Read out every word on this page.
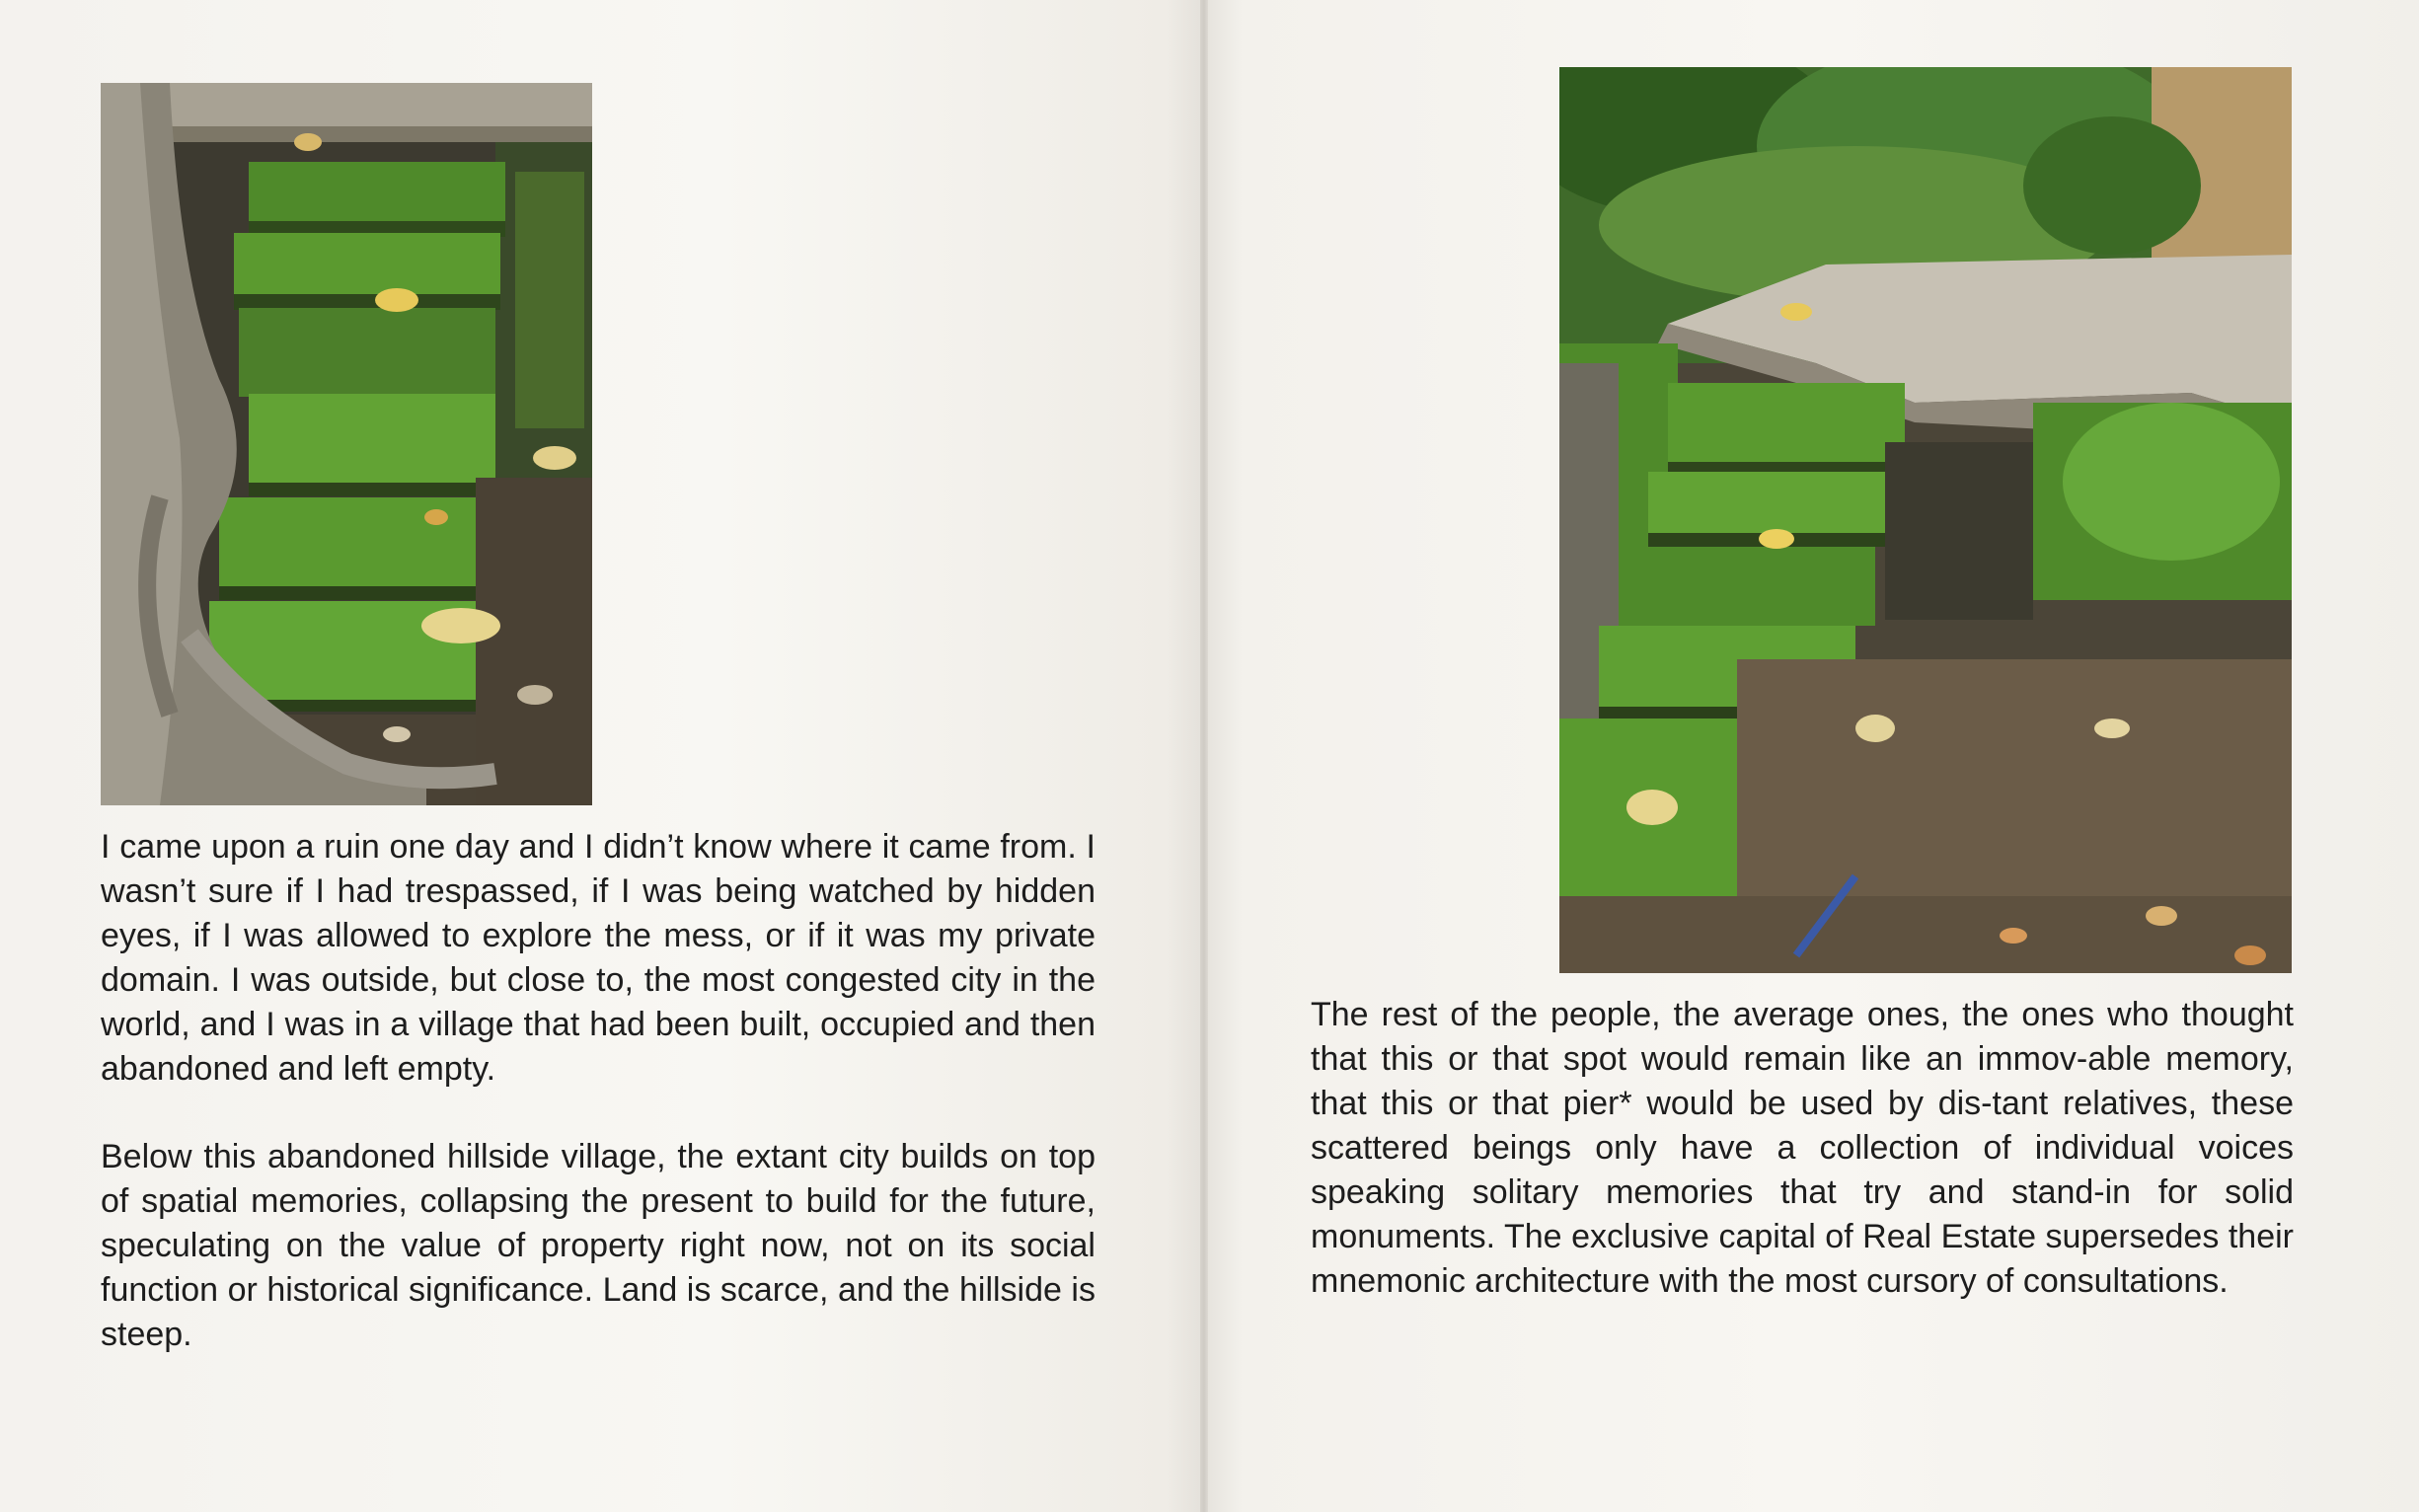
I came upon a ruin one day and I didn’t know where it came from. I wasn’t sure if I had trespassed, if I was being watched by hidden eyes, if I was allowed to explore the mess, or if it was my private domain. I was outside, but close to, the most congested city in the world, and I was in a village that had been built, occupied and then abandoned and left empty.

Below this abandoned hillside village, the extant city builds on top of spatial memories, collapsing the present to build for the future, speculating on the value of property right now, not on its social function or historical significance. Land is scarce, and the hillside is steep.

The rest of the people, the average ones, the ones who thought that this or that spot would remain like an immov-able memory, that this or that pier* would be used by dis-tant relatives, these scattered beings only have a collection of individual voices speaking solitary memories that try and stand-in for solid monuments. The exclusive capital of Real Estate supersedes their mnemonic architecture with the most cursory of consultations.
